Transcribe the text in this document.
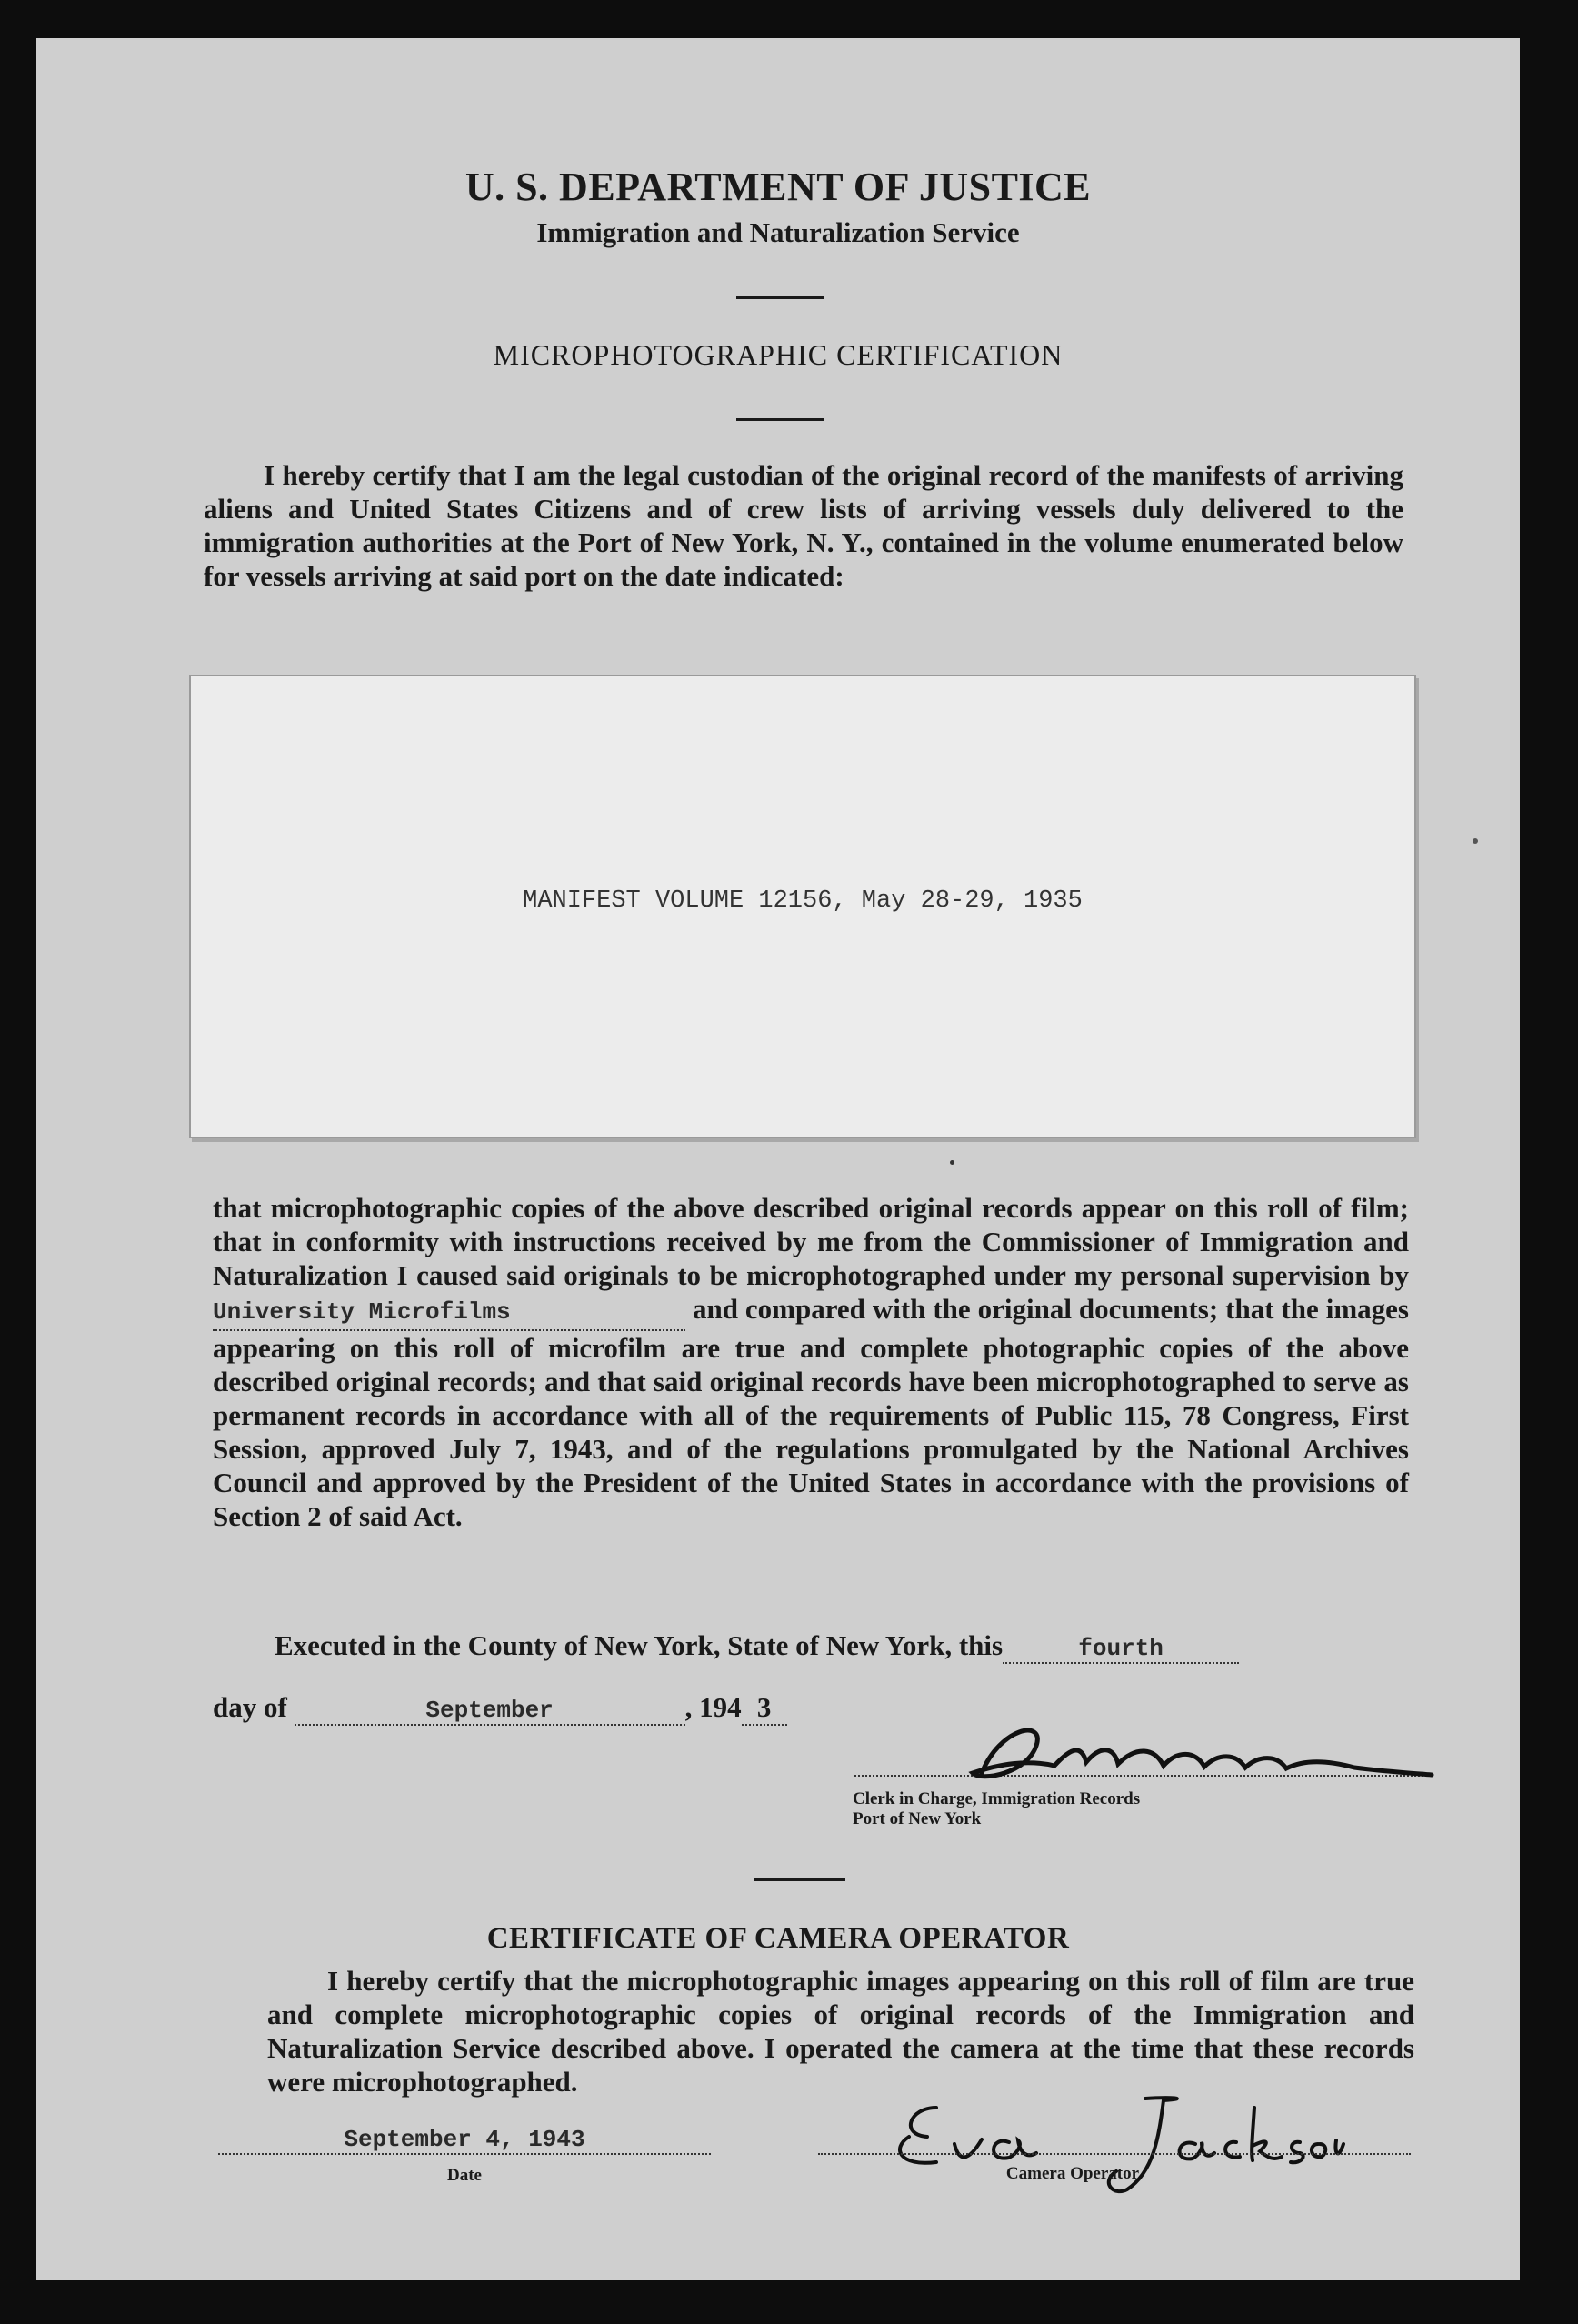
U. S. DEPARTMENT OF JUSTICE
Immigration and Naturalization Service
MICROPHOTOGRAPHIC CERTIFICATION
I hereby certify that I am the legal custodian of the original record of the manifests of arriving aliens and United States Citizens and of crew lists of arriving vessels duly delivered to the immigration authorities at the Port of New York, N. Y., contained in the volume enumerated below for vessels arriving at said port on the date indicated:
MANIFEST VOLUME 12156, May 28-29, 1935
that microphotographic copies of the above described original records appear on this roll of film; that in conformity with instructions received by me from the Commissioner of Immigration and Naturalization I caused said originals to be microphotographed under my personal supervision by University Microfilms	and compared with the original documents; that the images appearing on this roll of microfilm are true and complete photographic copies of the above described original records; and that said original records have been microphotographed to serve as permanent records in accordance with all of the requirements of Public 115, 78 Congress, First Session, approved July 7, 1943, and of the regulations promulgated by the National Archives Council and approved by the President of the United States in accordance with the provisions of Section 2 of said Act.
Executed in the County of New York, State of New York, this	fourth
day of	September	, 194 3
Clerk in Charge, Immigration Records
Port of New York
CERTIFICATE OF CAMERA OPERATOR
I hereby certify that the microphotographic images appearing on this roll of film are true and complete microphotographic copies of original records of the Immigration and Naturalization Service described above. I operated the camera at the time that these records were microphotographed.
September 4, 1943
Date	Camera Operator
